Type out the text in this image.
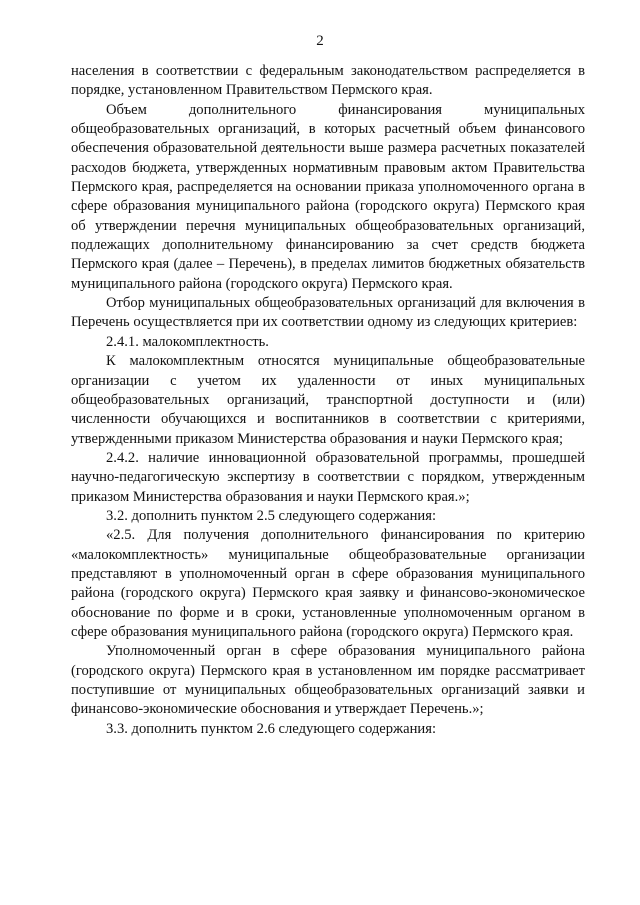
2

населения в соответствии с федеральным законодательством распределяется в порядке, установленном Правительством Пермского края.

Объем дополнительного финансирования муниципальных общеобразовательных организаций, в которых расчетный объем финансового обеспечения образовательной деятельности выше размера расчетных показателей расходов бюджета, утвержденных нормативным правовым актом Правительства Пермского края, распределяется на основании приказа уполномоченного органа в сфере образования муниципального района (городского округа) Пермского края об утверждении перечня муниципальных общеобразовательных организаций, подлежащих дополнительному финансированию за счет средств бюджета Пермского края (далее – Перечень), в пределах лимитов бюджетных обязательств муниципального района (городского округа) Пермского края.

Отбор муниципальных общеобразовательных организаций для включения в Перечень осуществляется при их соответствии одному из следующих критериев:

2.4.1. малокомплектность.

К малокомплектным относятся муниципальные общеобразовательные организации с учетом их удаленности от иных муниципальных общеобразовательных организаций, транспортной доступности и (или) численности обучающихся и воспитанников в соответствии с критериями, утвержденными приказом Министерства образования и науки Пермского края;

2.4.2. наличие инновационной образовательной программы, прошедшей научно-педагогическую экспертизу в соответствии с порядком, утвержденным приказом Министерства образования и науки Пермского края.»;

3.2. дополнить пунктом 2.5 следующего содержания:

«2.5. Для получения дополнительного финансирования по критерию «малокомплектность» муниципальные общеобразовательные организации представляют в уполномоченный орган в сфере образования муниципального района (городского округа) Пермского края заявку и финансово-экономическое обоснование по форме и в сроки, установленные уполномоченным органом в сфере образования муниципального района (городского округа) Пермского края.

Уполномоченный орган в сфере образования муниципального района (городского округа) Пермского края в установленном им порядке рассматривает поступившие от муниципальных общеобразовательных организаций заявки и финансово-экономические обоснования и утверждает Перечень.»;

3.3. дополнить пунктом 2.6 следующего содержания:
